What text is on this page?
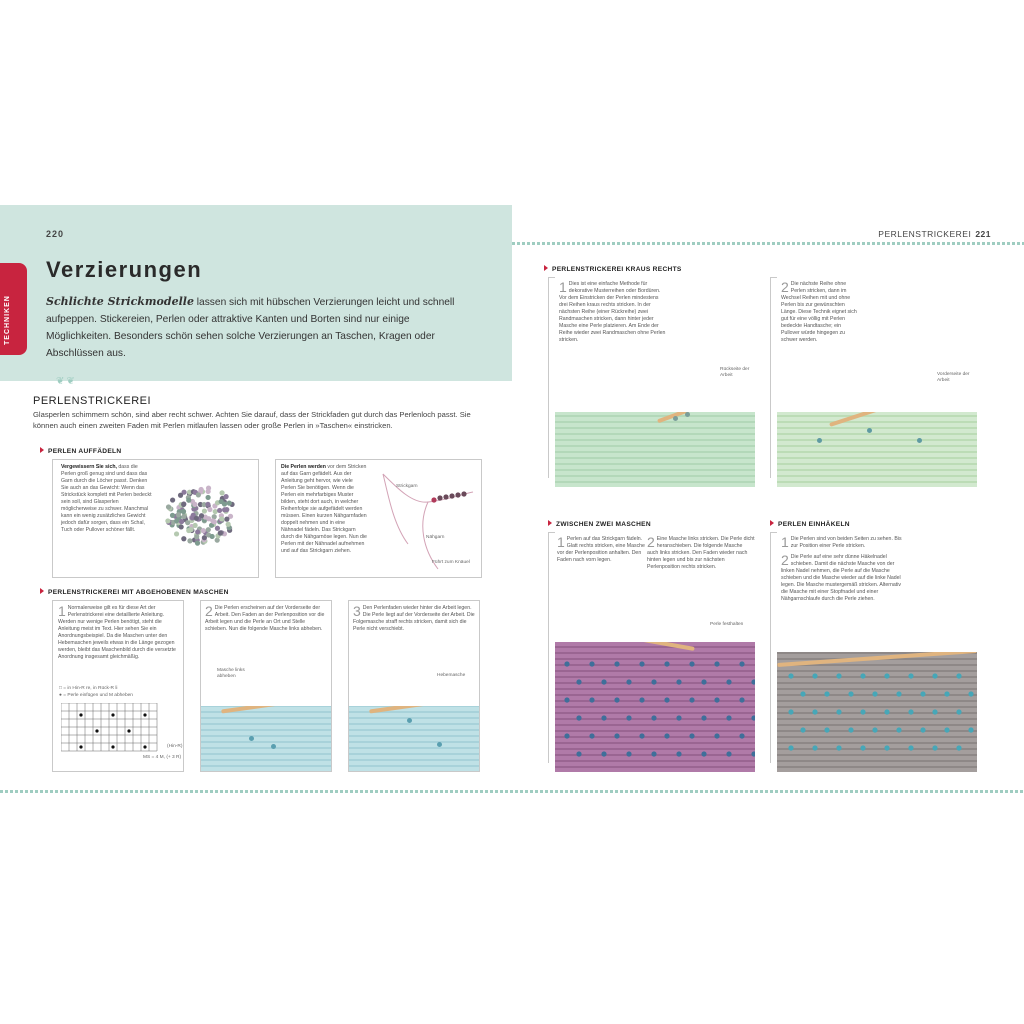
220
TECHNIKEN
Verzierungen
Schlichte Strickmodelle lassen sich mit hübschen Verzierungen leicht und schnell aufpeppen. Stickereien, Perlen oder attraktive Kanten und Borten sind nur einige Möglichkeiten. Besonders schön sehen solche Verzierungen an Taschen, Kragen oder Abschlüssen aus.
❦❦
PERLENSTRICKEREI
Glasperlen schimmern schön, sind aber recht schwer. Achten Sie darauf, dass der Strickfaden gut durch das Perlenloch passt. Sie können auch einen zweiten Faden mit Perlen mitlaufen lassen oder große Perlen in »Taschen« einstricken.
PERLEN AUFFÄDELN
Vergewissern Sie sich, dass die Perlen groß genug sind und dass das Garn durch die Löcher passt. Denken Sie auch an das Gewicht: Wenn das Strickstück komplett mit Perlen bedeckt sein soll, sind Glasperlen möglicherweise zu schwer. Manchmal kann ein wenig zusätzliches Gewicht jedoch dafür sorgen, dass ein Schal, Tuch oder Pullover schöner fällt.
Die Perlen werden vor dem Stricken auf das Garn gefädelt. Aus der Anleitung geht hervor, wie viele Perlen Sie benötigen. Wenn die Perlen ein mehrfarbiges Muster bilden, steht dort auch, in welcher Reihenfolge sie aufgefädelt werden müssen. Einen kurzen Nähgarnfaden doppelt nehmen und in eine Nähnadel fädeln. Das Strickgarn durch die Nähgarnöse legen. Nun die Perlen mit der Nähnadel aufnehmen und auf das Strickgarn ziehen.
Strickgarn
Nähgarn
Führt zum Knäuel
PERLENSTRICKEREI MIT ABGEHOBENEN MASCHEN
1 Normalerweise gilt es für diese Art der Perlenstrickerei eine detaillierte Anleitung. Werden nur wenige Perlen benötigt, steht die Anleitung meist im Text. Hier sehen Sie ein Anordnungsbeispiel. Da die Maschen unter den Hebemaschen jeweils etwas in die Länge gezogen werden, bleibt das Maschenbild durch die versetzte Anordnung insgesamt gleichmäßig.
□ = in Hin-R re, in Rück-R li
● = Perle einfügen und M abheben
MS = 4 M, (+ 3 R)
(Hin-R)
2 Die Perlen erscheinen auf der Vorderseite der Arbeit. Den Faden an der Perlenposition vor die Arbeit legen und die Perle an Ort und Stelle schieben. Nun die folgende Masche links abheben.
Masche links abheben
3 Den Perlenfaden wieder hinter die Arbeit legen. Die Perle liegt auf der Vorderseite der Arbeit. Die Folgemasche straff rechts stricken, damit sich die Perle nicht verschiebt.
Hebemasche
PERLENSTRICKEREI 221
PERLENSTRICKEREI KRAUS RECHTS
1 Dies ist eine einfache Methode für dekorative Musterreihen oder Bordüren. Vor dem Einstricken der Perlen mindestens drei Reihen kraus rechts stricken. In der nächsten Reihe (einer Rückreihe) zwei Randmaschen stricken, dann hinter jeder Masche eine Perle platzieren. Am Ende der Reihe wieder zwei Randmaschen ohne Perlen stricken.
Rückseite der Arbeit
2 Die nächste Reihe ohne Perlen stricken, dann im Wechsel Reihen mit und ohne Perlen bis zur gewünschten Länge. Diese Technik eignet sich gut für eine völlig mit Perlen bedeckte Handtasche; ein Pullover würde hingegen zu schwer werden.
Vorderseite der Arbeit
ZWISCHEN ZWEI MASCHEN	PERLEN EINHÄKELN
1 Perlen auf das Strickgarn fädeln. Glatt rechts stricken, eine Masche vor der Perlenposition anhalten. Den Faden nach vorn legen.
2 Eine Masche links stricken. Die Perle dicht heranschieben. Die folgende Masche auch links stricken. Den Faden wieder nach hinten legen und bis zur nächsten Perlenposition rechts stricken.
Perle festhalten
1 Die Perlen sind von beiden Seiten zu sehen. Bis zur Position einer Perle stricken.
2 Die Perle auf eine sehr dünne Häkelnadel schieben. Damit die nächste Masche von der linken Nadel nehmen, die Perle auf die Masche schieben und die Masche wieder auf die linke Nadel legen. Die Masche mustergemäß stricken. Alternativ die Masche mit einer Stopfnadel und einer Nähgarnschlaufe durch die Perle ziehen.
